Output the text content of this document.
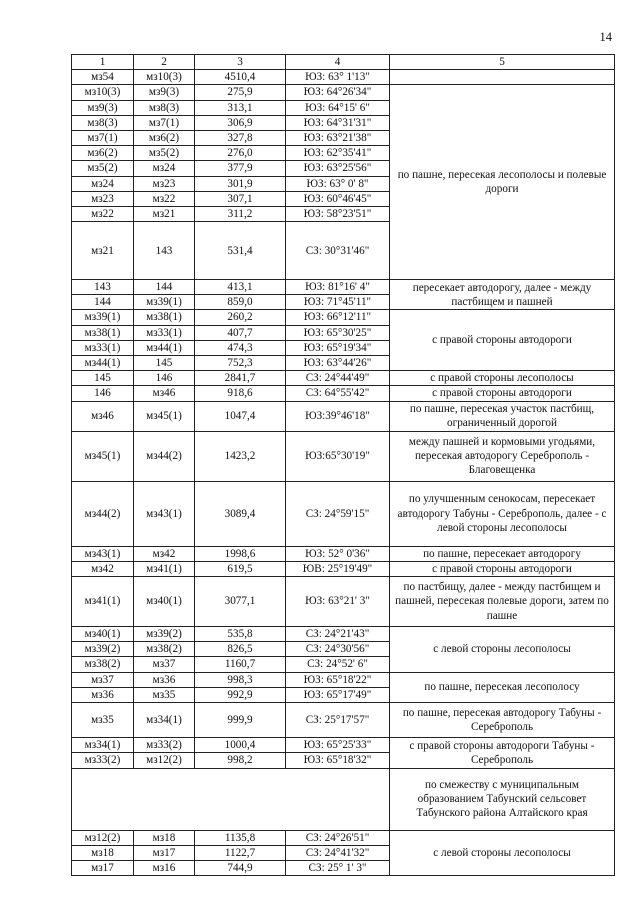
14
1	2	3	4	5	
мз54	мз10(3)	4510,4	ЮЗ: 63° 1'13"		
мз10(3)	мз9(3)	275,9	ЮЗ: 64°26'34"	по пашне, пересекая лесополосы и полевые дороги	
мз9(3)	мз8(3)	313,1	ЮЗ: 64°15' 6"		
мз8(3)	мз7(1)	306,9	ЮЗ: 64°31'31"		
мз7(1)	мз6(2)	327,8	ЮЗ: 63°21'38"		
мз6(2)	мз5(2)	276,0	ЮЗ: 62°35'41"		
мз5(2)	мз24	377,9	ЮЗ: 63°25'56"		
мз24	мз23	301,9	ЮЗ: 63° 0' 8"		
мз23	мз22	307,1	ЮЗ: 60°46'45"		
мз22	мз21	311,2	ЮЗ: 58°23'51"		
мз21	143	531,4	СЗ: 30°31'46"	
143	144	413,1	ЮЗ: 81°16' 4"	пересекает автодорогу, далее - между пастбищем и пашней	
144	мз39(1)	859,0	ЮЗ: 71°45'11"		
мз39(1)	мз38(1)	260,2	ЮЗ: 66°12'11"	с правой стороны автодороги	
мз38(1)	мз33(1)	407,7	ЮЗ: 65°30'25"		
мз33(1)	мз44(1)	474,3	ЮЗ: 65°19'34"		
мз44(1)	145	752,3	ЮЗ: 63°44'26"		
145	146	2841,7	СЗ: 24°44'49"	с правой стороны лесополосы	
146	мз46	918,6	СЗ: 64°55'42"	с правой стороны автодороги	
мз46	мз45(1)	1047,4	ЮЗ:39°46'18"	по пашне, пересекая участок пастбищ, ограниченный дорогой	
мз45(1)	мз44(2)	1423,2	ЮЗ:65°30'19"	между пашней и кормовыми угодьями, пересекая автодорогу Сереброполь - Благовещенка	
мз44(2)	мз43(1)	3089,4	СЗ: 24°59'15"	по улучшенным сенокосам, пересекает автодорогу Табуны - Сереброполь, далее - с левой стороны лесополосы	
мз43(1)	мз42	1998,6	ЮЗ: 52° 0'36"	по пашне, пересекает автодорогу	
мз42	мз41(1)	619,5	ЮВ: 25°19'49"	с правой стороны автодороги	
мз41(1)	мз40(1)	3077,1	ЮЗ: 63°21' 3"	по пастбищу, далее - между пастбищем и пашней, пересекая полевые дороги, затем по пашне	
мз40(1)	мз39(2)	535,8	СЗ: 24°21'43"	с левой стороны лесополосы	
мз39(2)	мз38(2)	826,5	СЗ: 24°30'56"		
мз38(2)	мз37	1160,7	СЗ: 24°52' 6"		
мз37	мз36	998,3	ЮЗ: 65°18'22"	по пашне, пересекая лесополосу	
мз36	мз35	992,9	ЮЗ: 65°17'49"		
мз35	мз34(1)	999,9	СЗ: 25°17'57"	по пашне, пересекая автодорогу Табуны - Сереброполь	
мз34(1)	мз33(2)	1000,4	ЮЗ: 65°25'33"	с правой стороны автодороги Табуны - Сереброполь	
мз33(2)	мз12(2)	998,2	ЮЗ: 65°18'32"		
				по смежеству с муниципальным образованием Табунский сельсовет Табунского района Алтайского края	
мз12(2)	мз18	1135,8	СЗ: 24°26'51"	с левой стороны лесополосы	
мз18	мз17	1122,7	СЗ: 24°41'32"		
мз17	мз16	744,9	СЗ: 25° 1' 3"		
